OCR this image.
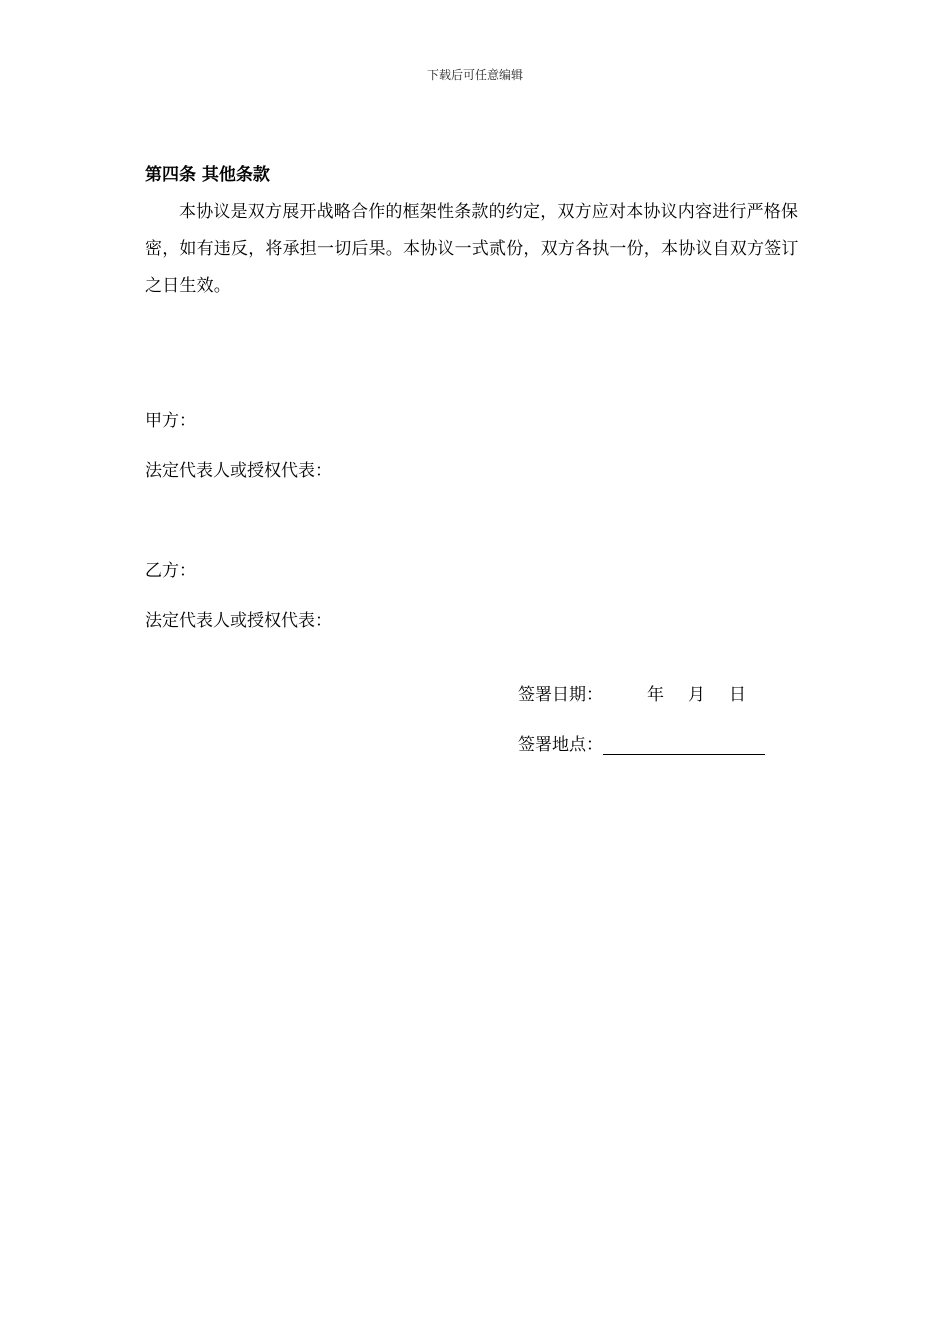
下载后可任意编辑
第四条 其他条款

本协议是双方展开战略合作的框架性条款的约定，双方应对本协议内容进行严格保密，如有违反，将承担一切后果。本协议一式贰份，双方各执一份，本协议自双方签订之日生效。

甲方：
法定代表人或授权代表：
乙方：
法定代表人或授权代表：
签署日期：	年 月 日
签署地点：
